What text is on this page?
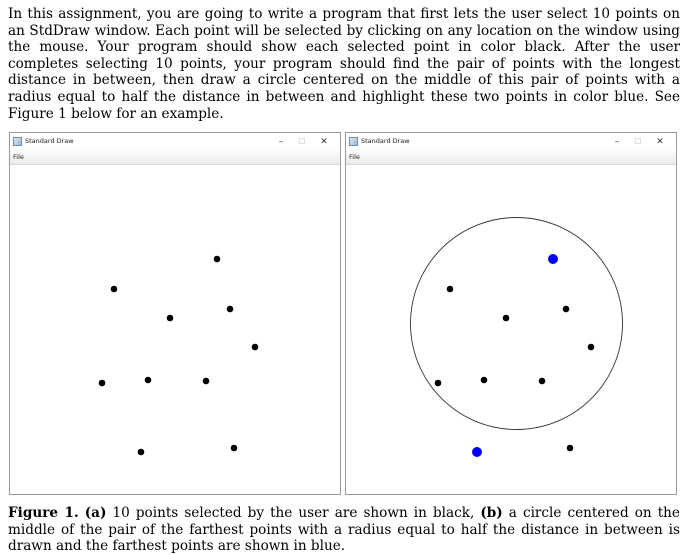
In this assignment, you are going to write a program that first lets the user select 10 points on an StdDraw window. Each point will be selected by clicking on any location on the window using the mouse. Your program should show each selected point in color black. After the user completes selecting 10 points, your program should find the pair of points with the longest distance in between, then draw a circle centered on the middle of this pair of points with a radius equal to half the distance in between and highlight these two points in color blue. See Figure 1 below for an example.

Standard Draw	–	☐	✕
File
Standard Draw	–	☐	✕
File

Figure 1. (a) 10 points selected by the user are shown in black, (b) a circle centered on the middle of the pair of the farthest points with a radius equal to half the distance in between is drawn and the farthest points are shown in blue.
